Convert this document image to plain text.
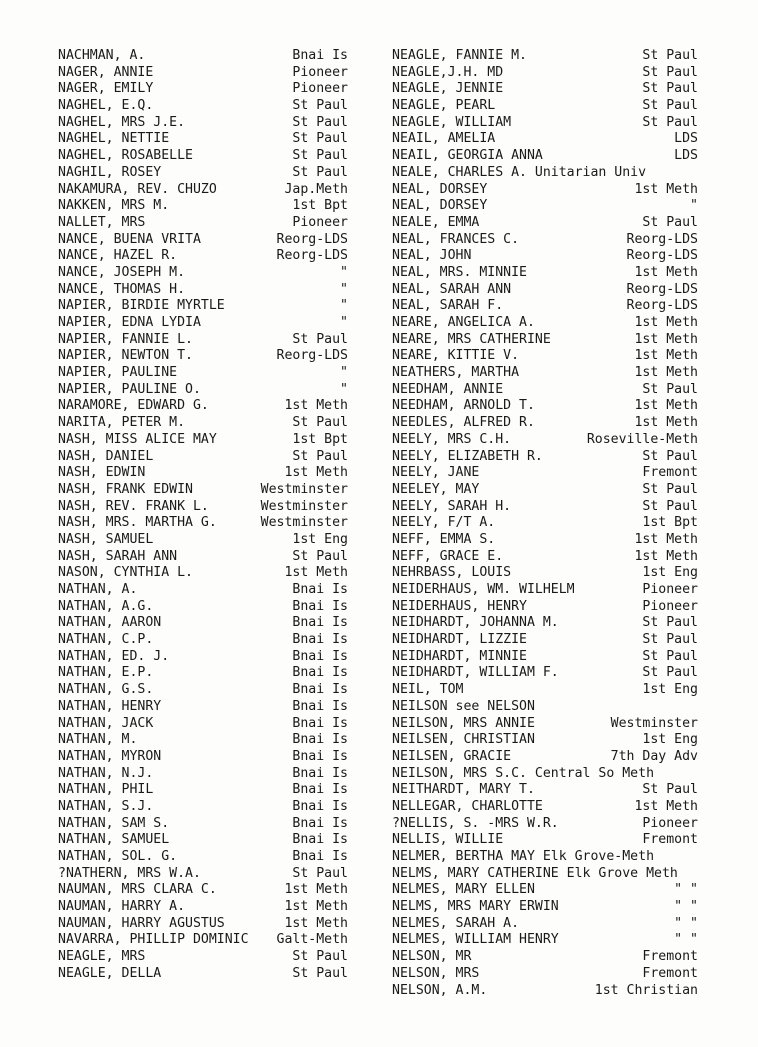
NACHMAN, A.	Bnai Is
NAGER, ANNIE	Pioneer
NAGER, EMILY	Pioneer
NAGHEL, E.Q.	St Paul
NAGHEL, MRS J.E.	St Paul
NAGHEL, NETTIE	St Paul
NAGHEL, ROSABELLE	St Paul
NAGHIL, ROSEY	St Paul
NAKAMURA, REV. CHUZO	Jap.Meth
NAKKEN, MRS M.	1st Bpt
NALLET, MRS	Pioneer
NANCE, BUENA VRITA	Reorg-LDS
NANCE, HAZEL R.	Reorg-LDS
NANCE, JOSEPH M.	"
NANCE, THOMAS H.	"
NAPIER, BIRDIE MYRTLE	"
NAPIER, EDNA LYDIA	"
NAPIER, FANNIE L.	St Paul
NAPIER, NEWTON T.	Reorg-LDS
NAPIER, PAULINE	"
NAPIER, PAULINE O.	"
NARAMORE, EDWARD G.	1st Meth
NARITA, PETER M.	St Paul
NASH, MISS ALICE MAY	1st Bpt
NASH, DANIEL	St Paul
NASH, EDWIN	1st Meth
NASH, FRANK EDWIN	Westminster
NASH, REV. FRANK L.	Westminster
NASH, MRS. MARTHA G.	Westminster
NASH, SAMUEL	1st Eng
NASH, SARAH ANN	St Paul
NASON, CYNTHIA L.	1st Meth
NATHAN, A.	Bnai Is
NATHAN, A.G.	Bnai Is
NATHAN, AARON	Bnai Is
NATHAN, C.P.	Bnai Is
NATHAN, ED. J.	Bnai Is
NATHAN, E.P.	Bnai Is
NATHAN, G.S.	Bnai Is
NATHAN, HENRY	Bnai Is
NATHAN, JACK	Bnai Is
NATHAN, M.	Bnai Is
NATHAN, MYRON	Bnai Is
NATHAN, N.J.	Bnai Is
NATHAN, PHIL	Bnai Is
NATHAN, S.J.	Bnai Is
NATHAN, SAM S.	Bnai Is
NATHAN, SAMUEL	Bnai Is
NATHAN, SOL. G.	Bnai Is
?NATHERN, MRS W.A.	St Paul
NAUMAN, MRS CLARA C.	1st Meth
NAUMAN, HARRY A.	1st Meth
NAUMAN, HARRY AGUSTUS	1st Meth
NAVARRA, PHILLIP DOMINIC Galt-Meth
NEAGLE, MRS	St Paul
NEAGLE, DELLA	St Paul
NEAGLE, FANNIE M.	St Paul
NEAGLE,J.H. MD	St Paul
NEAGLE, JENNIE	St Paul
NEAGLE, PEARL	St Paul
NEAGLE, WILLIAM	St Paul
NEAIL, AMELIA	LDS
NEAIL, GEORGIA ANNA	LDS
NEALE, CHARLES A. Unitarian Univ
NEAL, DORSEY	1st Meth
NEAL, DORSEY	"
NEALE, EMMA	St Paul
NEAL, FRANCES C.	Reorg-LDS
NEAL, JOHN	Reorg-LDS
NEAL, MRS. MINNIE	1st Meth
NEAL, SARAH ANN	Reorg-LDS
NEAL, SARAH F.	Reorg-LDS
NEARE, ANGELICA A.	1st Meth
NEARE, MRS CATHERINE	1st Meth
NEARE, KITTIE V.	1st Meth
NEATHERS, MARTHA	1st Meth
NEEDHAM, ANNIE	St Paul
NEEDHAM, ARNOLD T.	1st Meth
NEEDLES, ALFRED R.	1st Meth
NEELY, MRS C.H.	Roseville-Meth
NEELY, ELIZABETH R.	St Paul
NEELY, JANE	Fremont
NEELEY, MAY	St Paul
NEELY, SARAH H.	St Paul
NEELY, F/T A.	1st Bpt
NEFF, EMMA S.	1st Meth
NEFF, GRACE E.	1st Meth
NEHRBASS, LOUIS	1st Eng
NEIDERHAUS, WM. WILHELM	Pioneer
NEIDERHAUS, HENRY	Pioneer
NEIDHARDT, JOHANNA M.	St Paul
NEIDHARDT, LIZZIE	St Paul
NEIDHARDT, MINNIE	St Paul
NEIDHARDT, WILLIAM F.	St Paul
NEIL, TOM	1st Eng
NEILSON see NELSON
NEILSON, MRS ANNIE	Westminster
NEILSEN, CHRISTIAN	1st Eng
NEILSEN, GRACIE	7th Day Adv
NEILSON, MRS S.C. Central So Meth
NEITHARDT, MARY T.	St Paul
NELLEGAR, CHARLOTTE	1st Meth
?NELLIS, S. -MRS W.R.	Pioneer
NELLIS, WILLIE	Fremont
NELMER, BERTHA MAY Elk Grove-Meth
NELMS, MARY CATHERINE Elk Grove Meth
NELMES, MARY ELLEN	" "
NELMS, MRS MARY ERWIN	" "
NELMES, SARAH A.	" "
NELMES, WILLIAM HENRY	" "
NELSON, MR	Fremont
NELSON, MRS	Fremont
NELSON, A.M.	1st Christian
